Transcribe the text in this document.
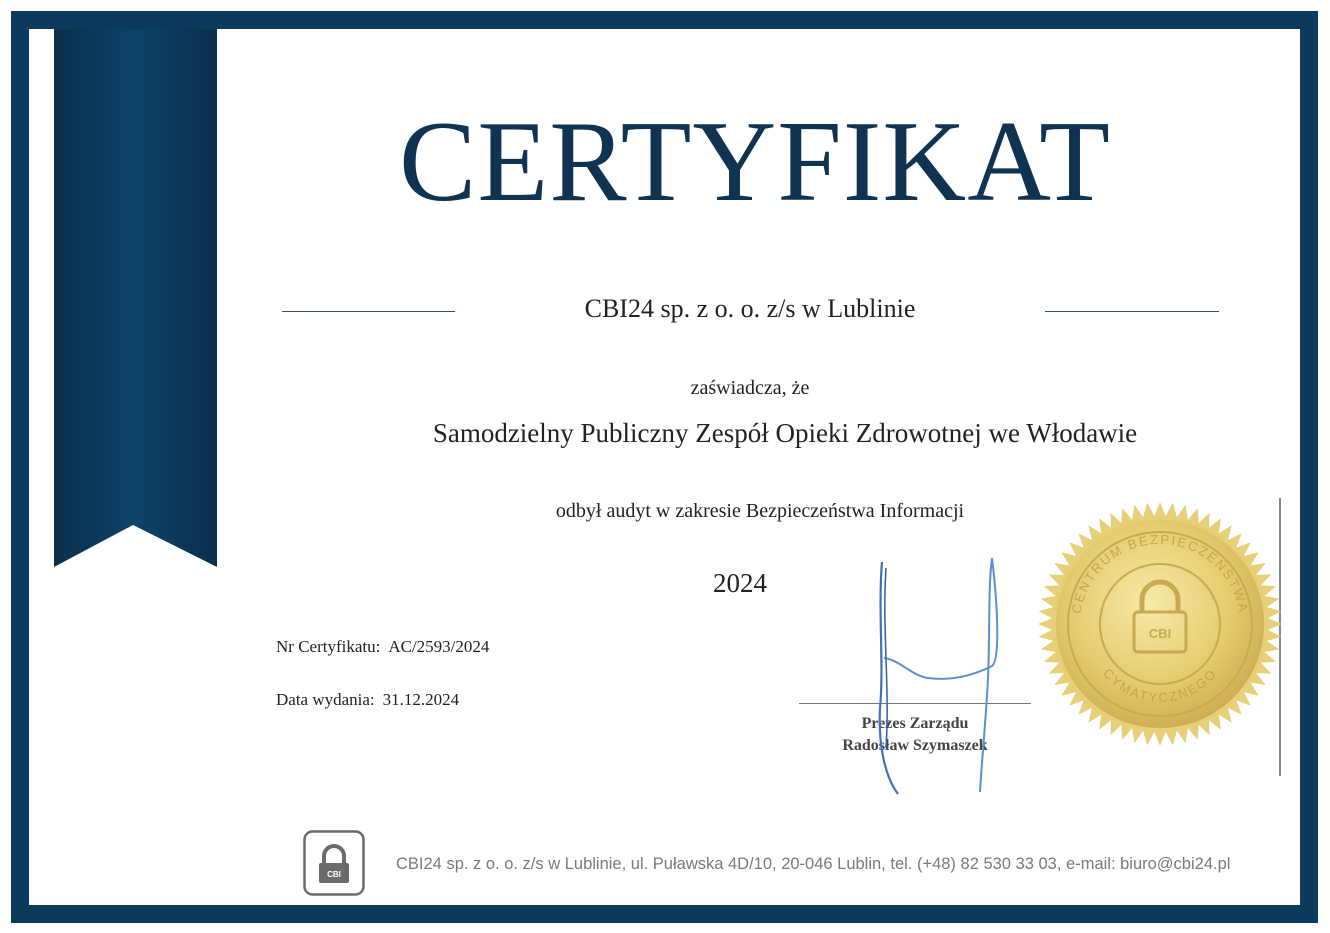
CERTYFIKAT
CBI24 sp. z o. o. z/s w Lublinie
zaświadcza, że
Samodzielny Publiczny Zespół Opieki Zdrowotnej we Włodawie
odbył audyt w zakresie Bezpieczeństwa Informacji
2024
Nr Certyfikatu: AC/2593/2024
Data wydania: 31.12.2024
Prezes Zarządu
Radosław Szymaszek
CENTRUM BEZPIECZEŃSTWA
CYMATYCZNEGO
CBI
CBI
CBI24 sp. z o. o. z/s w Lublinie, ul. Puławska 4D/10, 20-046 Lublin, tel. (+48) 82 530 33 03, e-mail: biuro@cbi24.pl
